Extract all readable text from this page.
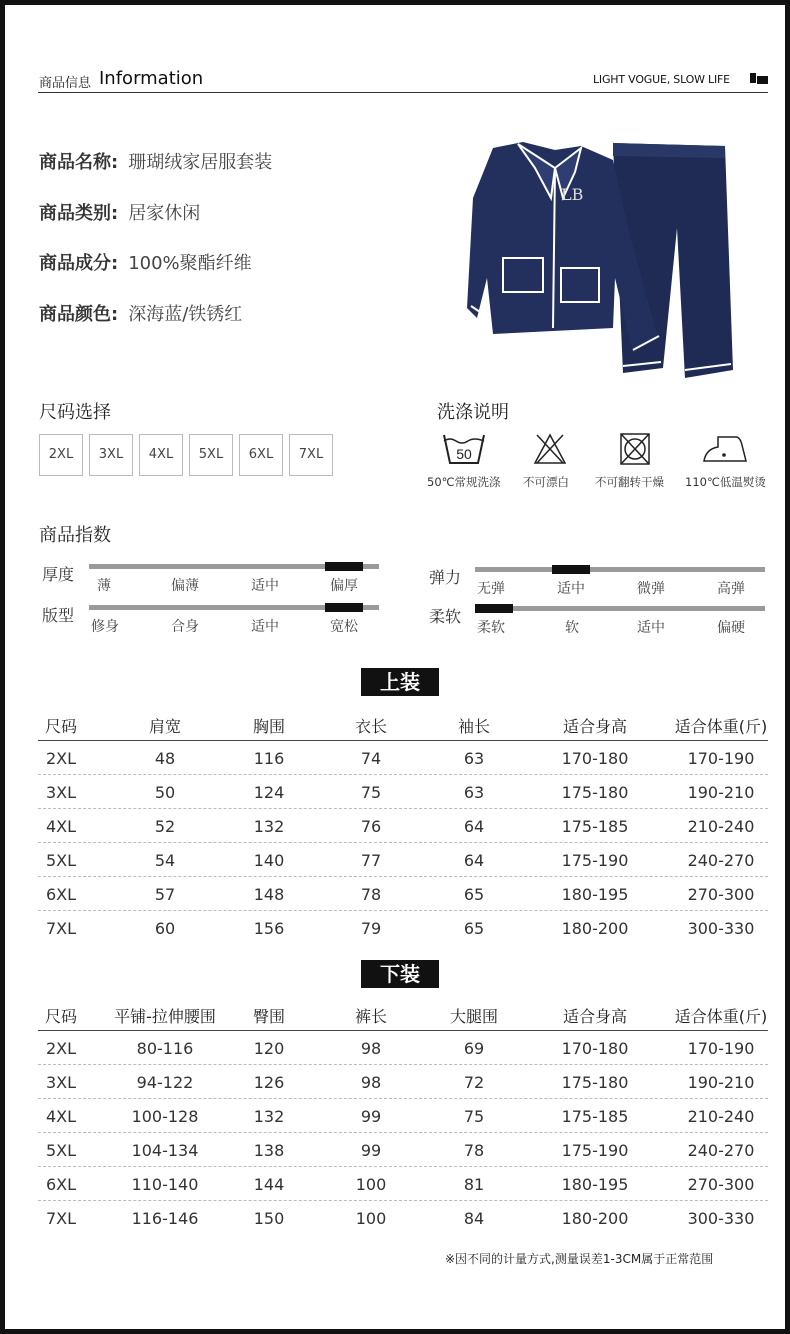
商品信息 Information	LIGHT VOGUE, SLOW LIFE
商品名称: 珊瑚绒家居服套装
商品类别: 居家休闲
商品成分: 100%聚酯纤维
商品颜色: 深海蓝/铁锈红
LB
尺码选择
2XL	3XL	4XL	5XL	6XL	7XL
洗涤说明
50
50℃常规洗涤 不可漂白 不可翻转干燥 110℃低温熨烫
商品指数
厚度
薄	偏薄	适中	偏厚
版型
修身	合身	适中	宽松
弹力
无弹	适中	微弹	高弹
柔软
柔软	软	适中	偏硬
上装
尺码	肩宽	胸围	衣长	袖长	适合身高	适合体重(斤)
2XL	48	116	74	63	170-180	170-190
3XL	50	124	75	63	175-180	190-210
4XL	52	132	76	64	175-185	210-240
5XL	54	140	77	64	175-190	240-270
6XL	57	148	78	65	180-195	270-300
7XL	60	156	79	65	180-200	300-330
下装
尺码	平铺-拉伸腰围	臀围	裤长	大腿围	适合身高	适合体重(斤)
2XL	80-116	120	98	69	170-180	170-190
3XL	94-122	126	98	72	175-180	190-210
4XL	100-128	132	99	75	175-185	210-240
5XL	104-134	138	99	78	175-190	240-270
6XL	110-140	144	100	81	180-195	270-300
7XL	116-146	150	100	84	180-200	300-330
※因不同的计量方式,测量误差1-3CM属于正常范围
